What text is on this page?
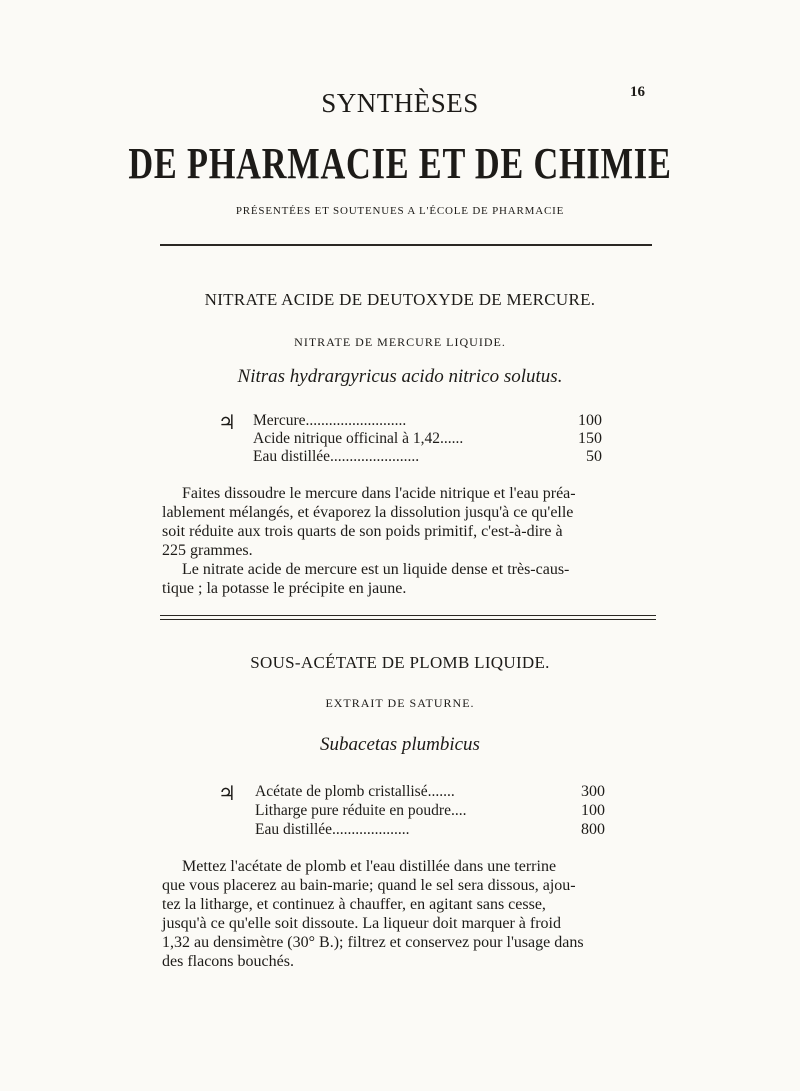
16
SYNTHÈSES
DE PHARMACIE ET DE CHIMIE
PRÉSENTÉES ET SOUTENUES A L'ÉCOLE DE PHARMACIE
NITRATE ACIDE DE DEUTOXYDE DE MERCURE.
NITRATE DE MERCURE LIQUIDE.
Nitras hydrargyricus acido nitrico solutus.
♃ Mercure..........................	100
Acide nitrique officinal à 1,42......	150
Eau distillée.......................	50

Faites dissoudre le mercure dans l'acide nitrique et l'eau préa-

lablement mélangés, et évaporez la dissolution jusqu'à ce qu'elle

soit réduite aux trois quarts de son poids primitif, c'est-à-dire à

225 grammes.

Le nitrate acide de mercure est un liquide dense et très-caus-

tique ; la potasse le précipite en jaune.

SOUS-ACÉTATE DE PLOMB LIQUIDE.
EXTRAIT DE SATURNE.
Subacetas plumbicus
♃ Acétate de plomb cristallisé.......	300
Litharge pure réduite en poudre....	100
Eau distillée....................	800

Mettez l'acétate de plomb et l'eau distillée dans une terrine

que vous placerez au bain-marie; quand le sel sera dissous, ajou-

tez la litharge, et continuez à chauffer, en agitant sans cesse,

jusqu'à ce qu'elle soit dissoute. La liqueur doit marquer à froid

1,32 au densimètre (30° B.); filtrez et conservez pour l'usage dans

des flacons bouchés.
